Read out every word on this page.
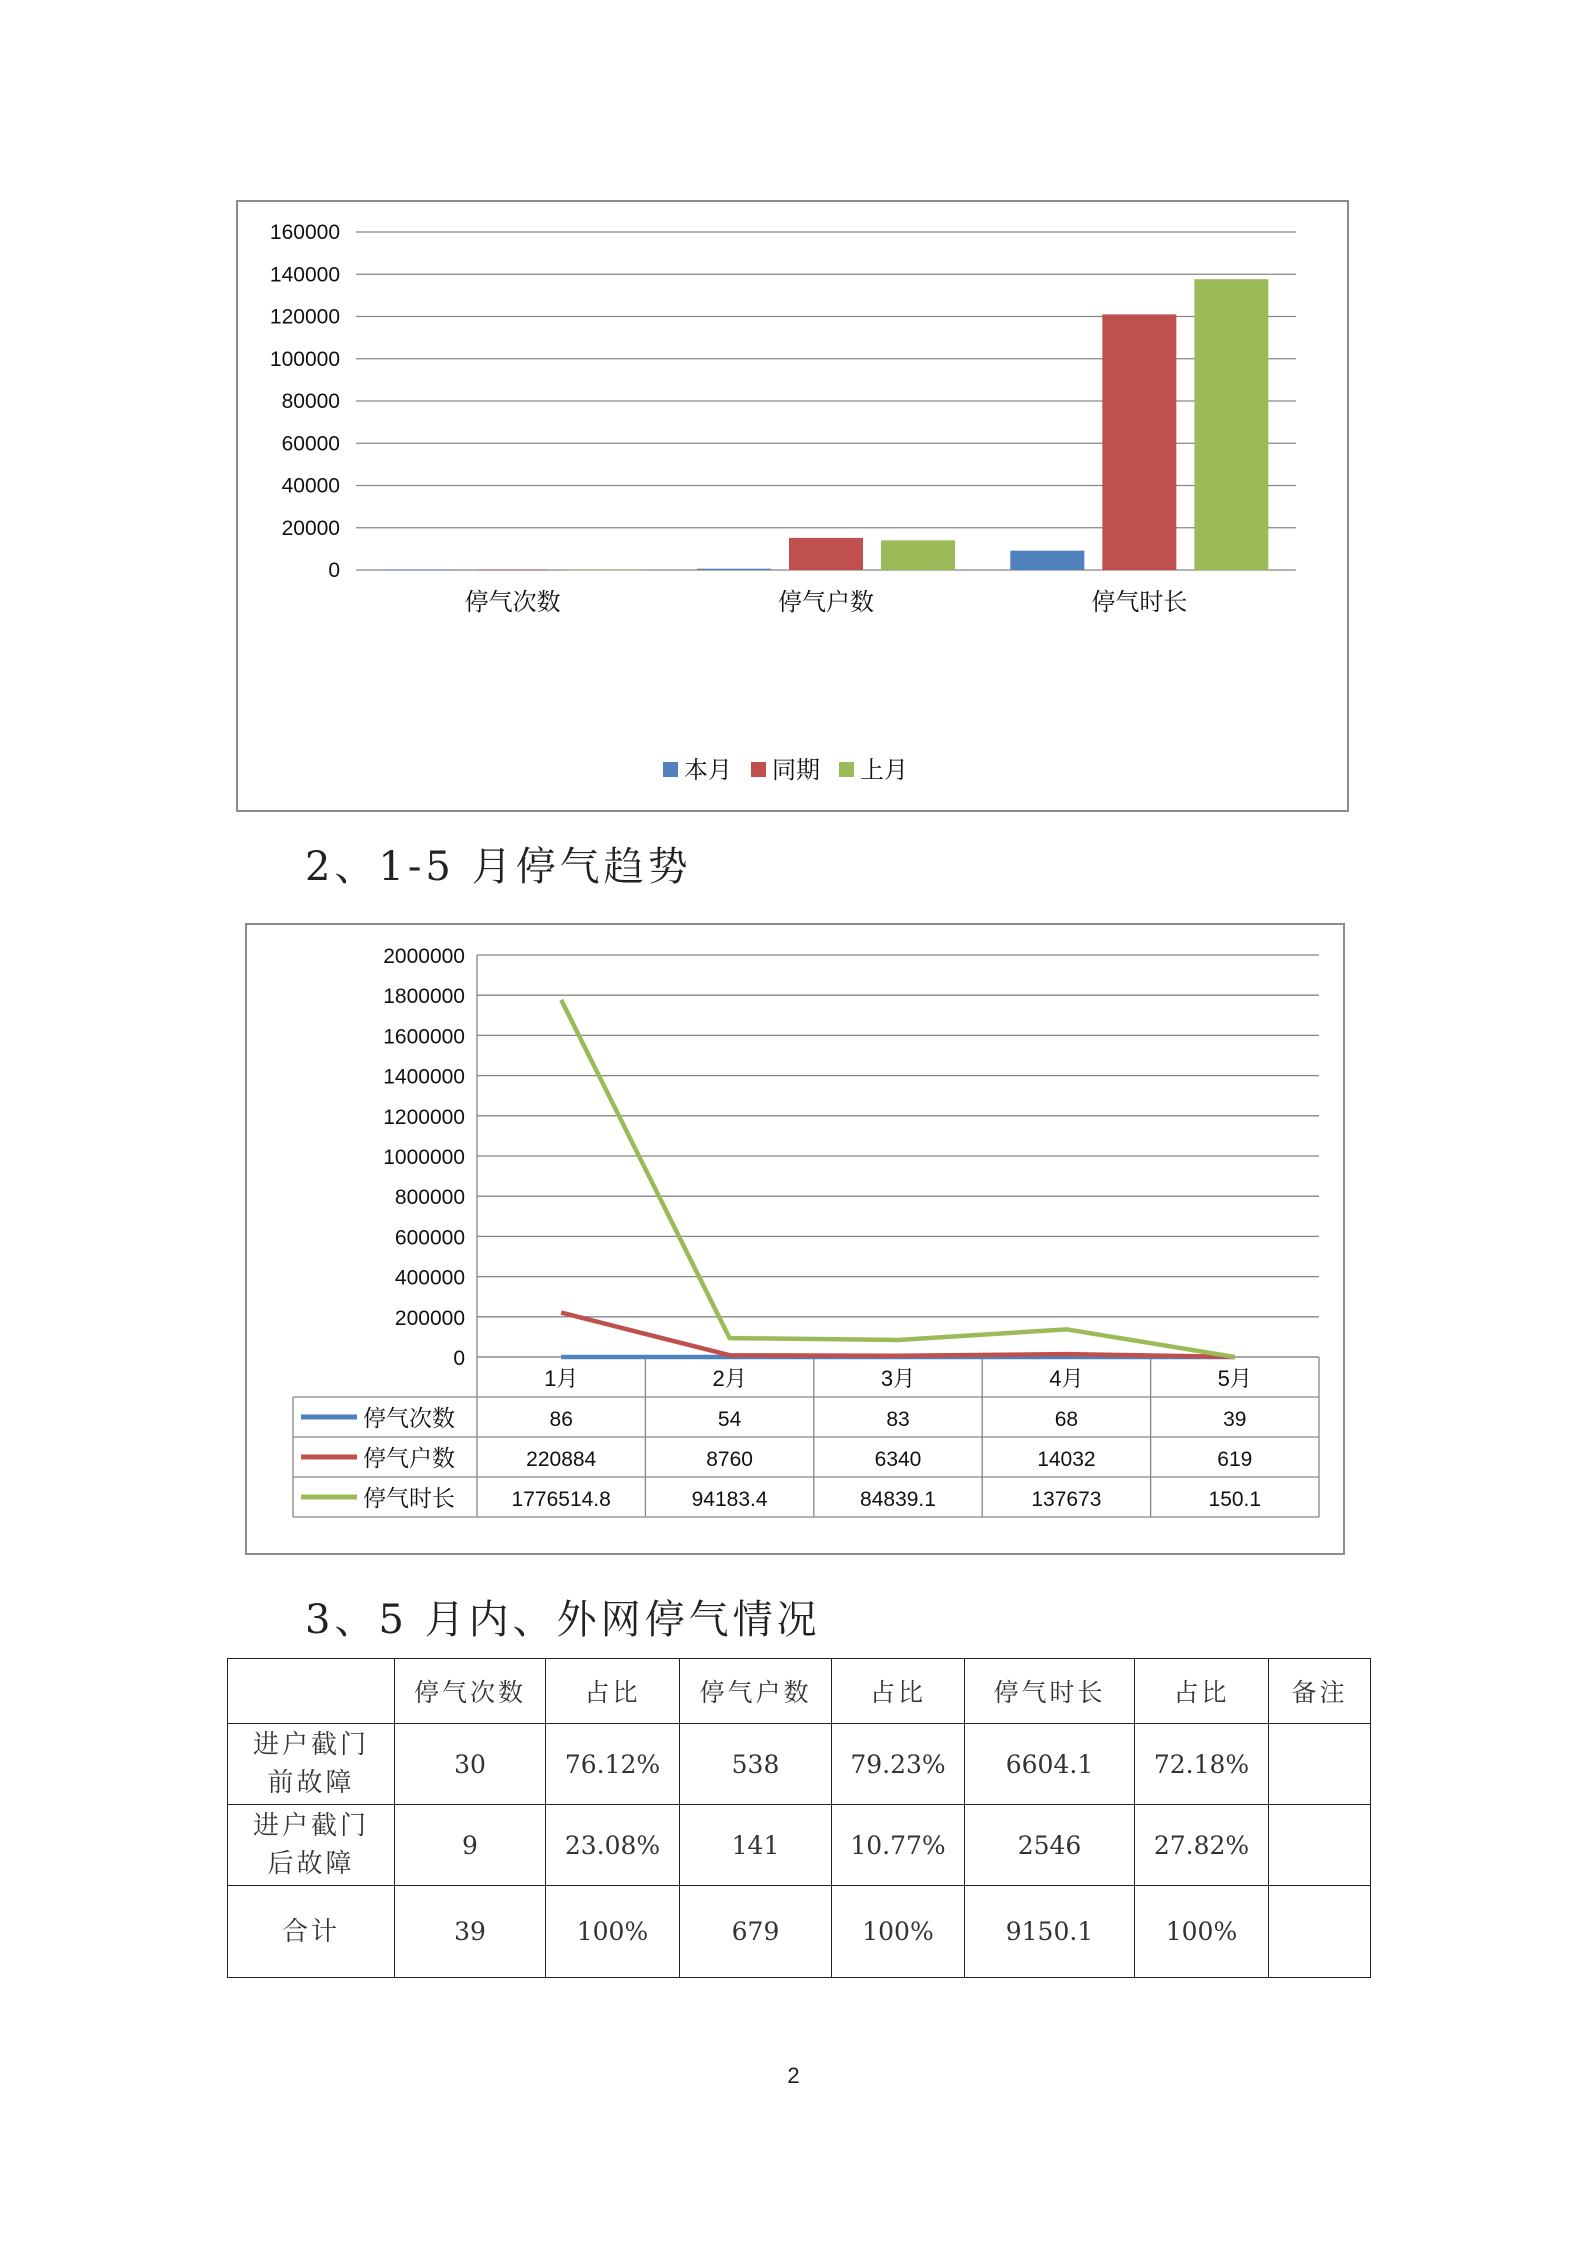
0
20000
40000
60000
80000
100000
120000
140000
160000
停气次数	停气户数	停气时长
本月 同期 上月
2、1-5 月停气趋势
0
200000
400000
600000
800000
1000000
1200000
1400000
1600000
1800000
2000000
1月	2月	3月	4月	5月
停气次数	86	54	83	68	39
停气户数	220884	8760	6340	14032	619
停气时长	1776514.8	94183.4	84839.1	137673	150.1
3、5 月内、外网停气情况
	停气次数	占比	停气户数	占比	停气时长	占比	备注

进户截门
前故障	30	76.12%	538	79.23%	6604.1	72.18%	

进户截门
后故障	9	23.08%	141	10.77%	2546	27.82%	

合计	39	100%	679	100%	9150.1	100%	
2
